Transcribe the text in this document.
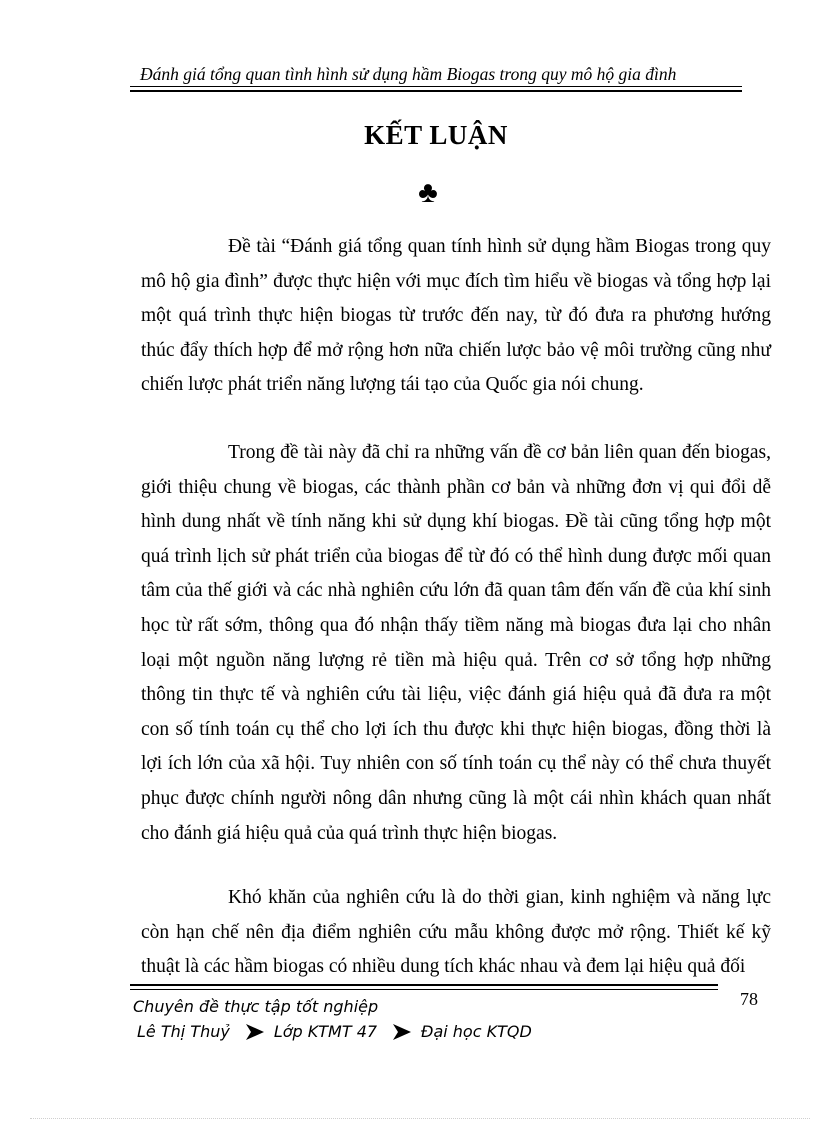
Đánh giá tổng quan tình hình sử dụng hầm Biogas trong quy mô hộ gia đình
KẾT LUẬN
♣

Đề tài “Đánh giá tổng quan tính hình sử dụng hầm Biogas trong quy mô hộ gia đình” được thực hiện với mục đích tìm hiểu về biogas và tổng hợp lại một quá trình thực hiện biogas từ trước đến nay, từ đó đưa ra phương hướng thúc đẩy thích hợp để mở rộng hơn nữa chiến lược bảo vệ môi trường cũng như chiến lược phát triển năng lượng tái tạo của Quốc gia nói chung.

Trong đề tài này đã chỉ ra những vấn đề cơ bản liên quan đến biogas, giới thiệu chung về biogas, các thành phần cơ bản và những đơn vị qui đổi dễ hình dung nhất về tính năng khi sử dụng khí biogas. Đề tài cũng tổng hợp một quá trình lịch sử phát triển của biogas để từ đó có thể hình dung được mối quan tâm của thế giới và các nhà nghiên cứu lớn đã quan tâm đến vấn đề của khí sinh học từ rất sớm, thông qua đó nhận thấy tiềm năng mà biogas đưa lại cho nhân loại một nguồn năng lượng rẻ tiền mà hiệu quả. Trên cơ sở tổng hợp những thông tin thực tế và nghiên cứu tài liệu, việc đánh giá hiệu quả đã đưa ra một con số tính toán cụ thể cho lợi ích thu được khi thực hiện biogas, đồng thời là lợi ích lớn của xã hội. Tuy nhiên con số tính toán cụ thể này có thể chưa thuyết phục được chính người nông dân nhưng cũng là một cái nhìn khách quan nhất cho đánh giá hiệu quả của quá trình thực hiện biogas.

Khó khăn của nghiên cứu là do thời gian, kinh nghiệm và năng lực còn hạn chế nên địa điểm nghiên cứu mẫu không được mở rộng. Thiết kế kỹ thuật là các hầm biogas có nhiều dung tích khác nhau và đem lại hiệu quả đối

78
Chuyên đề thực tập tốt nghiệp
Lê Thị Thuỷ	Lớp KTMT 47	Đại học KTQD
